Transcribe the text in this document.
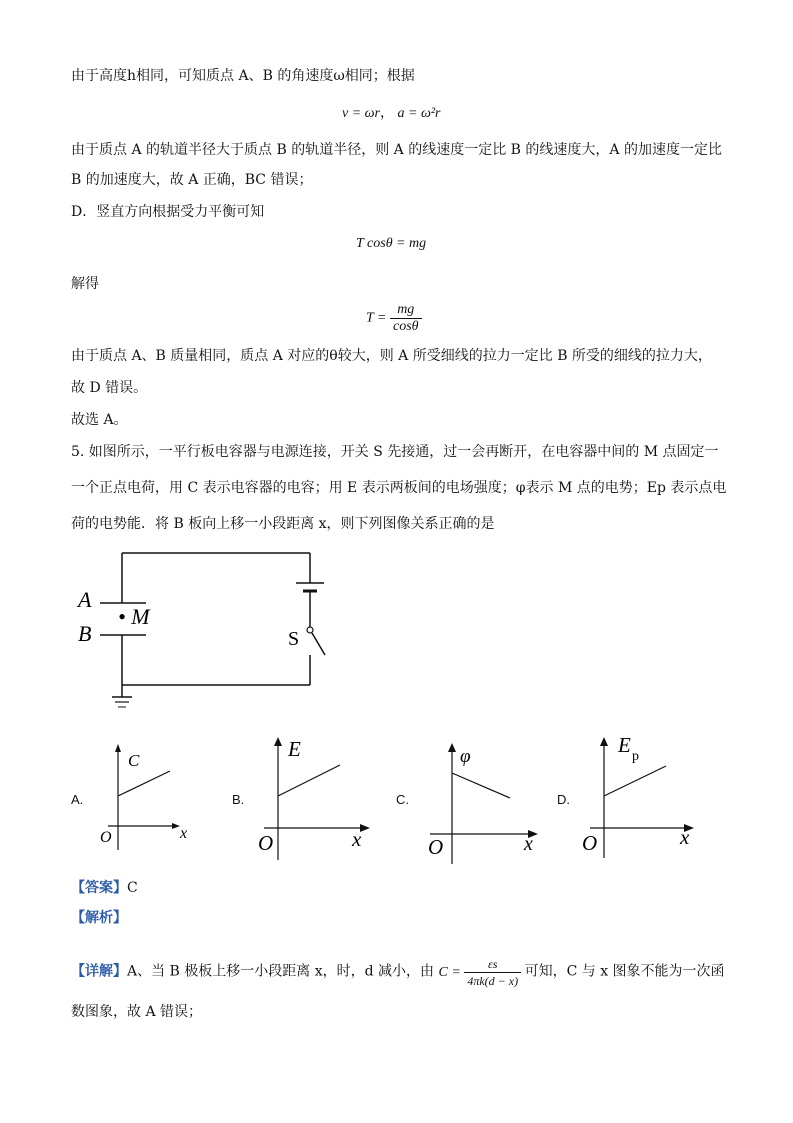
由于高度h相同，可知质点 A、B 的角速度ω相同；根据
v = ωr， a = ω²r
由于质点 A 的轨道半径大于质点 B 的轨道半径，则 A 的线速度一定比 B 的线速度大，A 的加速度一定比
B 的加速度大，故 A 正确，BC 错误；
D．竖直方向根据受力平衡可知
T cosθ = mg
解得
$T = \frac{mg}{\cos\theta}$
由于质点 A、B 质量相同，质点 A 对应的θ较大，则 A 所受细线的拉力一定比 B 所受的细线的拉力大，
故 D 错误。
故选 A。
5. 如图所示，一平行板电容器与电源连接，开关 S 先接通，过一会再断开，在电容器中间的 M 点固定一
一个正点电荷，用 C 表示电容器的电容；用 E 表示两板间的电场强度；φ表示 M 点的电势；Ep 表示点电
荷的电势能．将 B 板向上移一小段距离 x，则下列图像关系正确的是
A
• M
B	S
A.
C
x
O
B.
E
x
O
C.
φ
x
O
D.
E p
x
O
【答案】C
【解析】
【详解】A、当 B 极板上移一小段距离 x，时，d 减小，由 $C = \frac{\varepsilon s}{4\pi k(d - x)}$ 可知，C 与 x 图象不能为一次函
数图象，故 A 错误；
